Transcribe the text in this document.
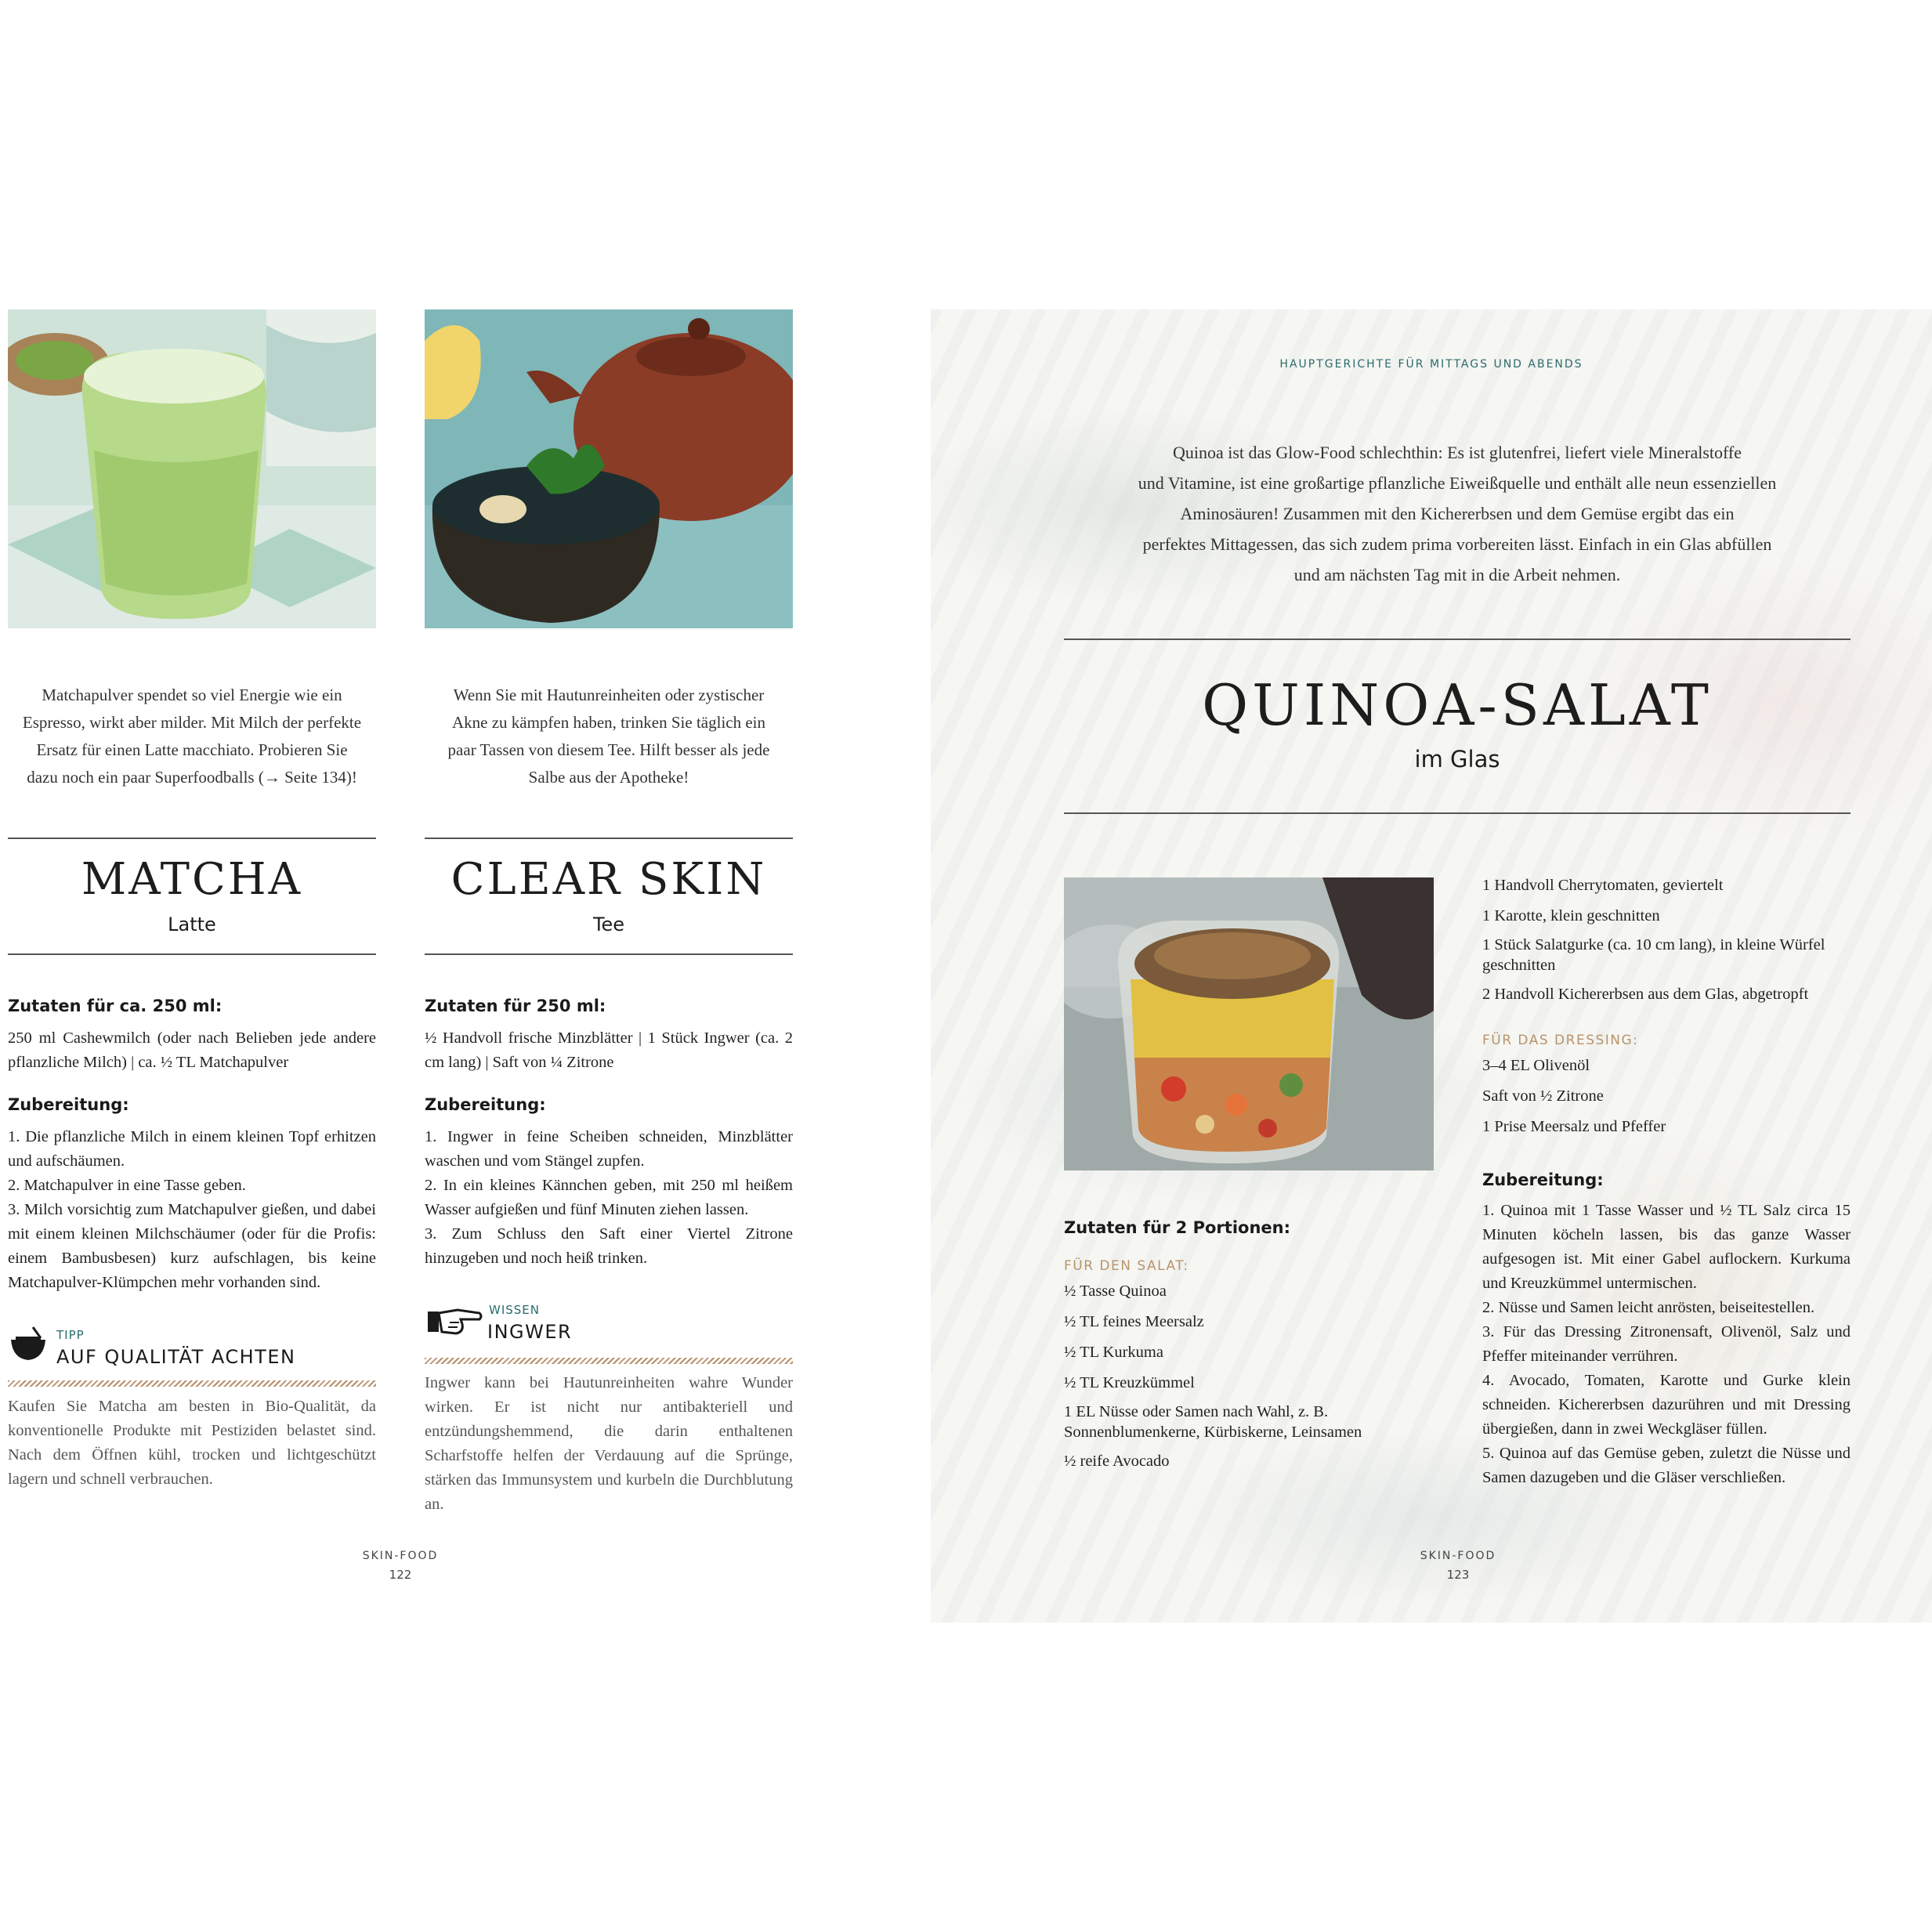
Matchapulver spendet so viel Energie wie ein
Espresso, wirkt aber milder. Mit Milch der perfekte
Ersatz für einen Latte macchiato. Probieren Sie
dazu noch ein paar Superfoodballs (→ Seite 134)!
Wenn Sie mit Hautunreinheiten oder zystischer
Akne zu kämpfen haben, trinken Sie täglich ein
paar Tassen von diesem Tee. Hilft besser als jede
Salbe aus der Apotheke!
MATCHA
Latte
CLEAR SKIN
Tee
Zutaten für ca. 250 ml:

250 ml Cashewmilch (oder nach Belieben jede andere pflanzliche Milch) | ca. ½ TL Matchapulver

Zubereitung:

1. Die pflanzliche Milch in einem kleinen Topf erhitzen und aufschäumen.

2. Matchapulver in eine Tasse geben.

3. Milch vorsichtig zum Matchapulver gießen, und dabei mit einem kleinen Milchschäumer (oder für die Profis: einem Bambusbesen) kurz aufschlagen, bis keine Matchapulver-Klümpchen mehr vorhanden sind.

TIPP
AUF QUALITÄT ACHTEN
Kaufen Sie Matcha am besten in Bio-Qualität, da konventionelle Produkte mit Pestiziden belastet sind. Nach dem Öffnen kühl, trocken und lichtgeschützt lagern und schnell verbrauchen.
Zutaten für 250 ml:

½ Handvoll frische Minzblätter | 1 Stück Ingwer (ca. 2 cm lang) | Saft von ¼ Zitrone

Zubereitung:

1. Ingwer in feine Scheiben schneiden, Minzblätter waschen und vom Stängel zupfen.

2. In ein kleines Kännchen geben, mit 250 ml heißem Wasser aufgießen und fünf Minuten ziehen lassen.

3. Zum Schluss den Saft einer Viertel Zitrone hinzugeben und noch heiß trinken.

WISSEN
INGWER
Ingwer kann bei Hautunreinheiten wahre Wunder wirken. Er ist nicht nur antibakteriell und entzündungshemmend, die darin enthaltenen Scharfstoffe helfen der Verdauung auf die Sprünge, stärken das Immunsystem und kurbeln die Durchblutung an.
SKIN-FOOD
122
HAUPTGERICHTE FÜR MITTAGS UND ABENDS
Quinoa ist das Glow-Food schlechthin: Es ist glutenfrei, liefert viele Mineralstoffe
und Vitamine, ist eine großartige pflanzliche Eiweißquelle und enthält alle neun essenziellen
Aminosäuren! Zusammen mit den Kichererbsen und dem Gemüse ergibt das ein
perfektes Mittagessen, das sich zudem prima vorbereiten lässt. Einfach in ein Glas abfüllen
und am nächsten Tag mit in die Arbeit nehmen.
QUINOA-SALAT
im Glas
Zutaten für 2 Portionen:
FÜR DEN SALAT:

½ Tasse Quinoa

½ TL feines Meersalz

½ TL Kurkuma

½ TL Kreuzkümmel

1 EL Nüsse oder Samen nach Wahl, z. B. Sonnenblumenkerne, Kürbiskerne, Leinsamen

½ reife Avocado

1 Handvoll Cherrytomaten, geviertelt

1 Karotte, klein geschnitten

1 Stück Salatgurke (ca. 10 cm lang), in kleine Würfel geschnitten

2 Handvoll Kichererbsen aus dem Glas, abgetropft

FÜR DAS DRESSING:

3–4 EL Olivenöl

Saft von ½ Zitrone

1 Prise Meersalz und Pfeffer

Zubereitung:

1. Quinoa mit 1 Tasse Wasser und ½ TL Salz circa 15 Minuten köcheln lassen, bis das ganze Wasser aufgesogen ist. Mit einer Gabel auflockern. Kurkuma und Kreuzkümmel untermischen.

2. Nüsse und Samen leicht anrösten, beiseitestellen.

3. Für das Dressing Zitronensaft, Olivenöl, Salz und Pfeffer miteinander verrühren.

4. Avocado, Tomaten, Karotte und Gurke klein schneiden. Kichererbsen dazurühren und mit Dressing übergießen, dann in zwei Weckgläser füllen.

5. Quinoa auf das Gemüse geben, zuletzt die Nüsse und Samen dazugeben und die Gläser verschließen.

SKIN-FOOD
123
